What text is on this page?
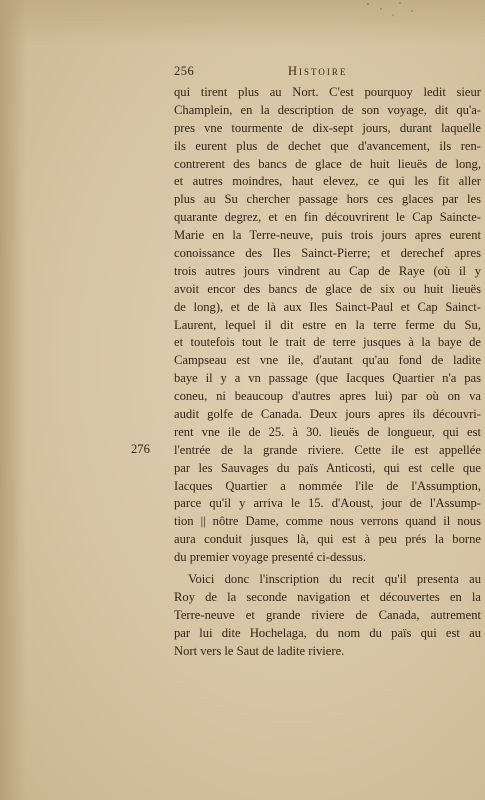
256	Histoire
276
qui tirent plus au Nort. C'est pourquoy ledit sieur
Champlein, en la description de son voyage, dit qu'a-
pres vne tourmente de dix-sept jours, durant laquelle
ils eurent plus de dechet que d'avancement, ils ren-
contrerent des bancs de glace de huit lieuës de long,
et autres moindres, haut elevez, ce qui les fit aller
plus au Su chercher passage hors ces glaces par les
quarante degrez, et en fin découvrirent le Cap Saincte-
Marie en la Terre-neuve, puis trois jours apres eurent
conoissance des Iles Sainct-Pierre; et derechef apres
trois autres jours vindrent au Cap de Raye (où il y
avoit encor des bancs de glace de six ou huit lieuës
de long), et de là aux Iles Sainct-Paul et Cap Sainct-
Laurent, lequel il dit estre en la terre ferme du Su,
et toutefois tout le trait de terre jusques à la baye de
Campseau est vne ile, d'autant qu'au fond de ladite
baye il y a vn passage (que Iacques Quartier n'a pas
coneu, ni beaucoup d'autres apres lui) par où on va
audit golfe de Canada. Deux jours apres ils découvri-
rent vne ile de 25. à 30. lieuës de longueur, qui est
l'entrée de la grande riviere. Cette ile est appellée
par les Sauvages du païs Anticosti, qui est celle que
Iacques Quartier a nommée l'ile de l'Assumption,
parce qu'il y arriva le 15. d'Aoust, jour de l'Assump-
tion || nôtre Dame, comme nous verrons quand il nous
aura conduit jusques là, qui est à peu prés la borne
du premier voyage presenté ci-dessus.
Voici donc l'inscription du recit qu'il presenta au
Roy de la seconde navigation et découvertes en la
Terre-neuve et grande riviere de Canada, autrement
par lui dite Hochelaga, du nom du païs qui est au
Nort vers le Saut de ladite riviere.
